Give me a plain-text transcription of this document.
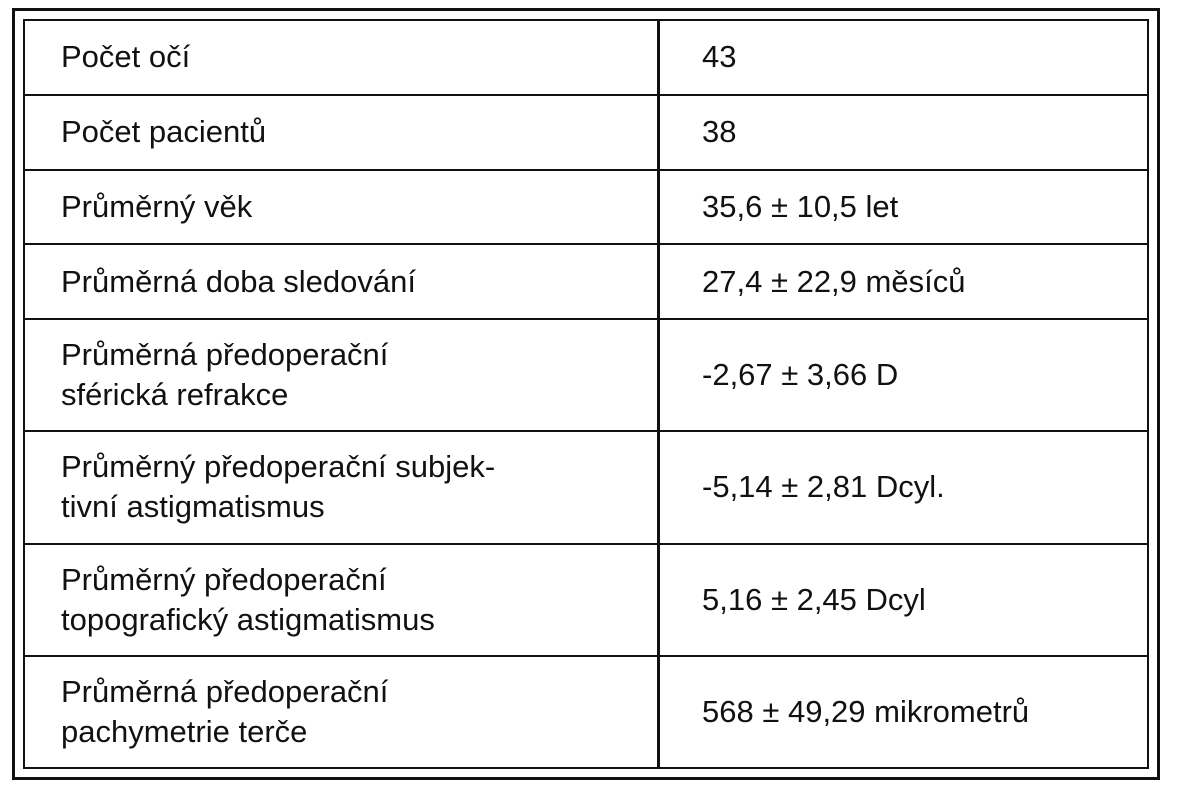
Počet očí	43
Počet pacientů	38
Průměrný věk	35,6 ± 10,5 let
Průměrná doba sledování	27,4 ± 22,9 měsíců
Průměrná předoperační
sférická refrakce	-2,67 ± 3,66 D
Průměrný předoperační subjek-
tivní astigmatismus	-5,14 ± 2,81 Dcyl.
Průměrný předoperační
topografický astigmatismus	5,16 ± 2,45 Dcyl
Průměrná předoperační
pachymetrie terče	568 ± 49,29 mikrometrů
